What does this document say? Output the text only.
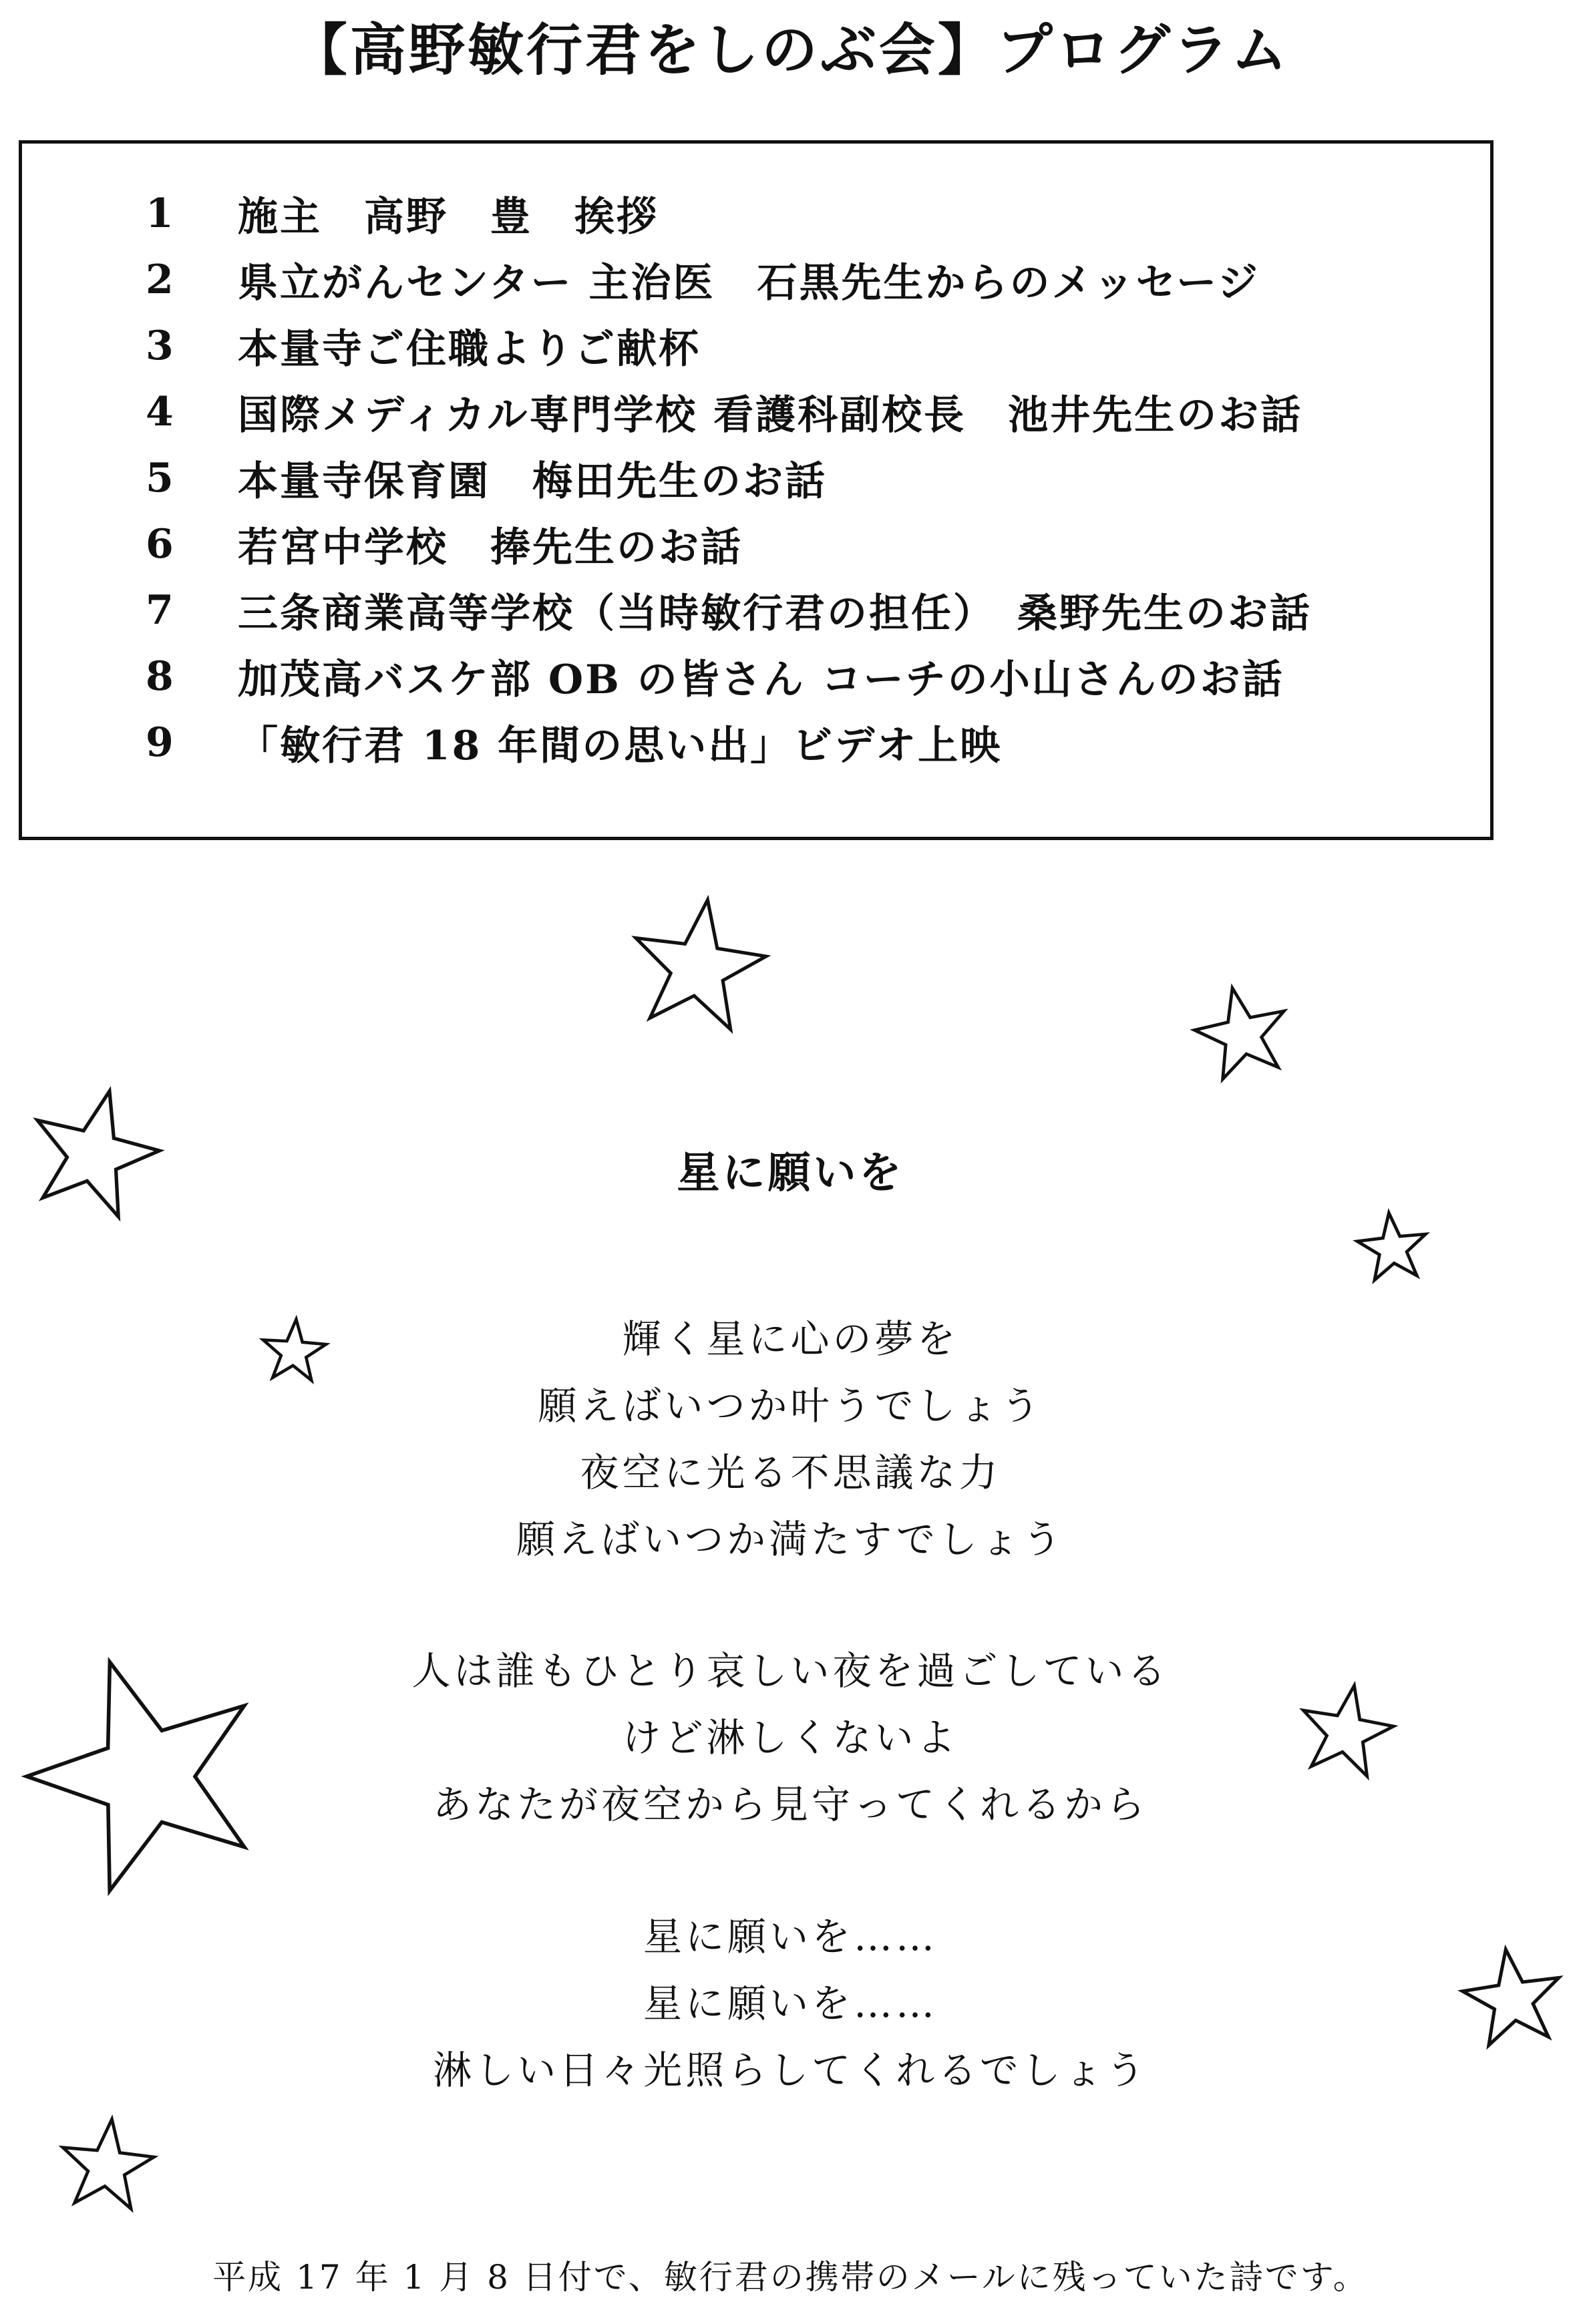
【高野敏行君をしのぶ会】プログラム
1	施主　高野　豊　挨拶
2	県立がんセンター 主治医　石黒先生からのメッセージ
3	本量寺ご住職よりご献杯
4	国際メディカル専門学校 看護科副校長　池井先生のお話
5	本量寺保育園　梅田先生のお話
6	若宮中学校　捧先生のお話
7	三条商業高等学校（当時敏行君の担任）　桑野先生のお話
8	加茂高バスケ部 OB の皆さん コーチの小山さんのお話
9	「敏行君 18 年間の思い出」ビデオ上映
星に願いを
輝く星に心の夢を
願えばいつか叶うでしょう
夜空に光る不思議な力
願えばいつか満たすでしょう
人は誰もひとり哀しい夜を過ごしている
けど淋しくないよ
あなたが夜空から見守ってくれるから
星に願いを……
星に願いを……
淋しい日々光照らしてくれるでしょう
平成 17 年 1 月 8 日付で、敏行君の携帯のメールに残っていた詩です。
